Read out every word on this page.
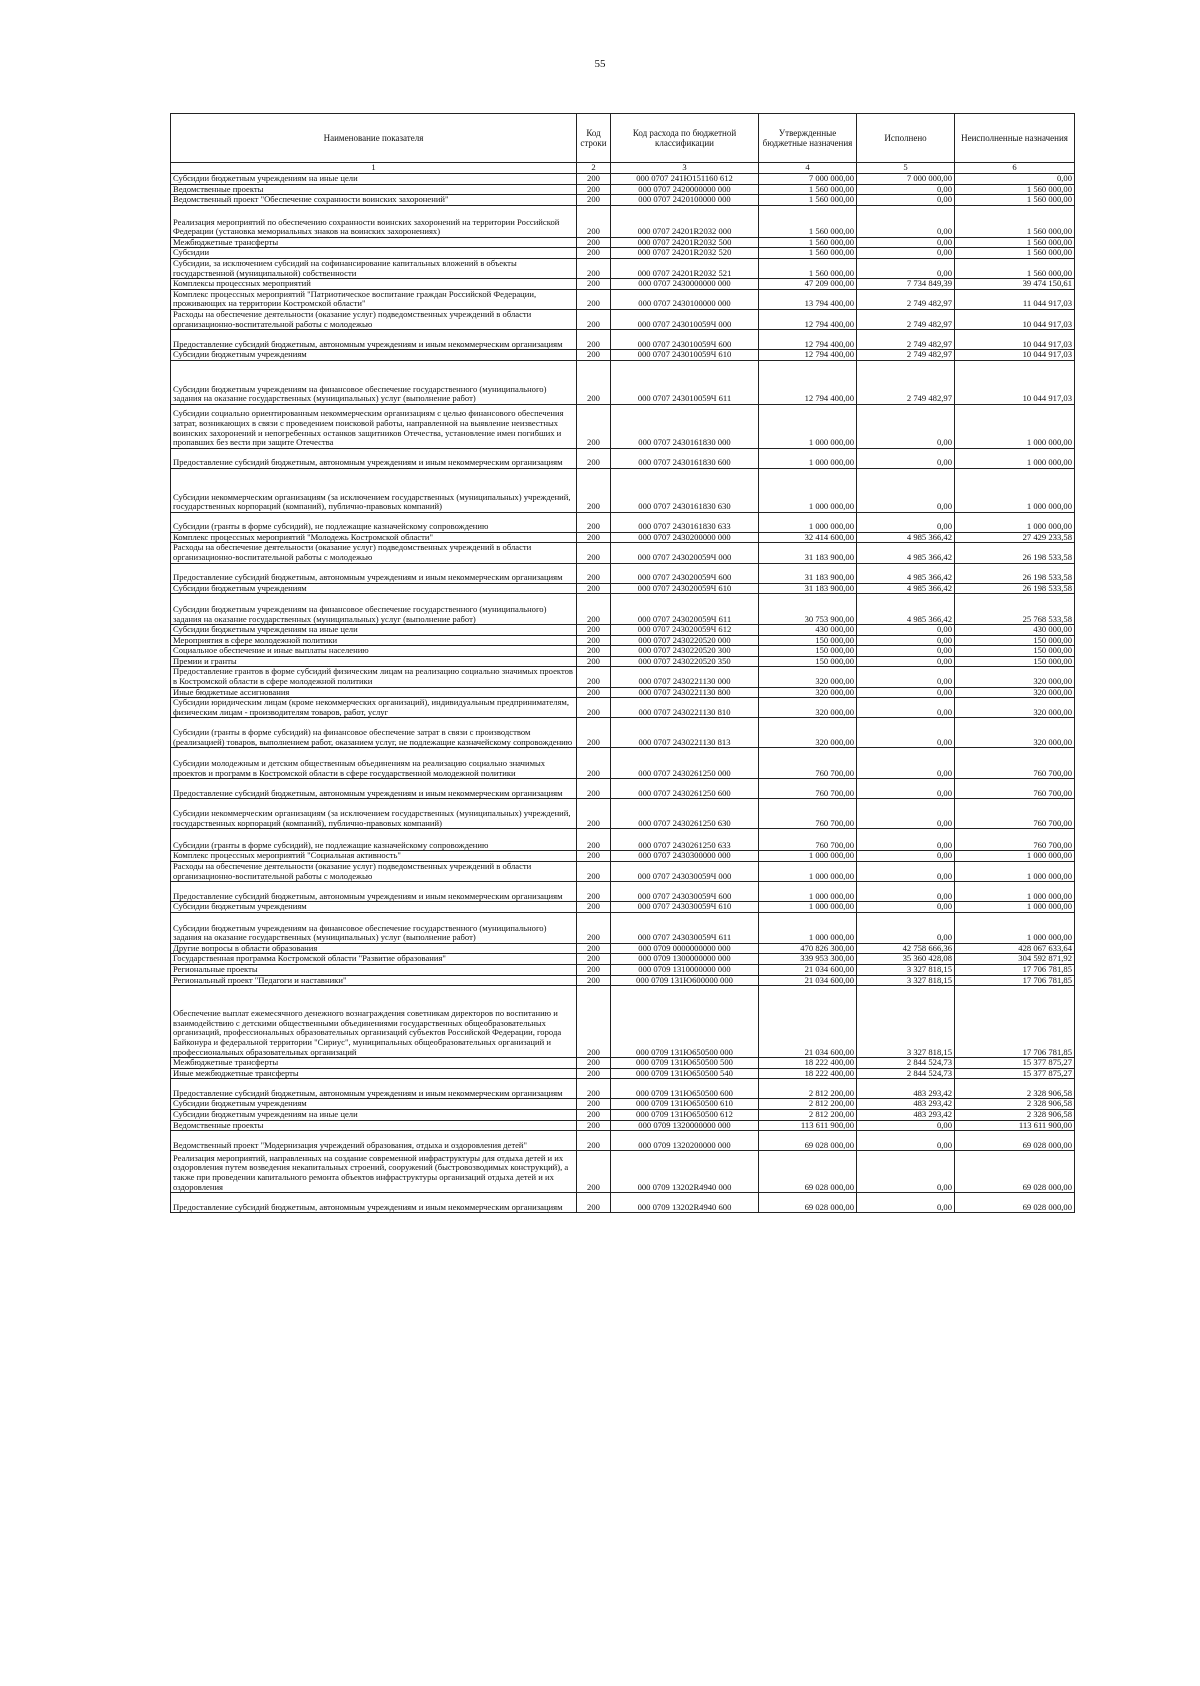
55
Наименование показателя	Код строки	Код расхода по бюджетной классификации	Утвержденные бюджетные назначения	Исполнено	Неисполненные назначения
1	2	3	4	5	6
Субсидии бюджетным учреждениям на иные цели	200	000 0707 241Ю151160 612	7 000 000,00	7 000 000,00	0,00
Ведомственные проекты	200	000 0707 2420000000 000	1 560 000,00	0,00	1 560 000,00
Ведомственный проект "Обеспечение сохранности воинских захоронений"	200	000 0707 2420100000 000	1 560 000,00	0,00	1 560 000,00
Реализация мероприятий по обеспечению сохранности воинских захоронений на территории Российской Федерации (установка мемориальных знаков на воинских захоронениях)	200	000 0707 24201R2032 000	1 560 000,00	0,00	1 560 000,00
Межбюджетные трансферты	200	000 0707 24201R2032 500	1 560 000,00	0,00	1 560 000,00
Субсидии	200	000 0707 24201R2032 520	1 560 000,00	0,00	1 560 000,00
Субсидии, за исключением субсидий на софинансирование капитальных вложений в объекты государственной (муниципальной) собственности	200	000 0707 24201R2032 521	1 560 000,00	0,00	1 560 000,00
Комплексы процессных мероприятий	200	000 0707 2430000000 000	47 209 000,00	7 734 849,39	39 474 150,61
Комплекс процессных мероприятий "Патриотическое воспитание граждан Российской Федерации, проживающих на территории Костромской области"	200	000 0707 2430100000 000	13 794 400,00	2 749 482,97	11 044 917,03
Расходы на обеспечение деятельности (оказание услуг) подведомственных учреждений в области организационно-воспитательной работы с молодежью	200	000 0707 243010059Ч 000	12 794 400,00	2 749 482,97	10 044 917,03
Предоставление субсидий бюджетным, автономным учреждениям и иным некоммерческим организациям	200	000 0707 243010059Ч 600	12 794 400,00	2 749 482,97	10 044 917,03
Субсидии бюджетным учреждениям	200	000 0707 243010059Ч 610	12 794 400,00	2 749 482,97	10 044 917,03
Субсидии бюджетным учреждениям на финансовое обеспечение государственного (муниципального) задания на оказание государственных (муниципальных) услуг (выполнение работ)	200	000 0707 243010059Ч 611	12 794 400,00	2 749 482,97	10 044 917,03
Субсидии социально ориентированным некоммерческим организациям с целью финансового обеспечения затрат, возникающих в связи с проведением поисковой работы, направленной на выявление неизвестных воинских захоронений и непогребенных останков защитников Отечества, установление имен погибших и пропавших без вести при защите Отечества	200	000 0707 2430161830 000	1 000 000,00	0,00	1 000 000,00
Предоставление субсидий бюджетным, автономным учреждениям и иным некоммерческим организациям	200	000 0707 2430161830 600	1 000 000,00	0,00	1 000 000,00
Субсидии некоммерческим организациям (за исключением государственных (муниципальных) учреждений, государственных корпораций (компаний), публично-правовых компаний)	200	000 0707 2430161830 630	1 000 000,00	0,00	1 000 000,00
Субсидии (гранты в форме субсидий), не подлежащие казначейскому сопровождению	200	000 0707 2430161830 633	1 000 000,00	0,00	1 000 000,00
Комплекс процессных мероприятий "Молодежь Костромской области"	200	000 0707 2430200000 000	32 414 600,00	4 985 366,42	27 429 233,58
Расходы на обеспечение деятельности (оказание услуг) подведомственных учреждений в области организационно-воспитательной работы с молодежью	200	000 0707 243020059Ч 000	31 183 900,00	4 985 366,42	26 198 533,58
Предоставление субсидий бюджетным, автономным учреждениям и иным некоммерческим организациям	200	000 0707 243020059Ч 600	31 183 900,00	4 985 366,42	26 198 533,58
Субсидии бюджетным учреждениям	200	000 0707 243020059Ч 610	31 183 900,00	4 985 366,42	26 198 533,58
Субсидии бюджетным учреждениям на финансовое обеспечение государственного (муниципального) задания на оказание государственных (муниципальных) услуг (выполнение работ)	200	000 0707 243020059Ч 611	30 753 900,00	4 985 366,42	25 768 533,58
Субсидии бюджетным учреждениям на иные цели	200	000 0707 243020059Ч 612	430 000,00	0,00	430 000,00
Мероприятия в сфере молодежной политики	200	000 0707 2430220520 000	150 000,00	0,00	150 000,00
Социальное обеспечение и иные выплаты населению	200	000 0707 2430220520 300	150 000,00	0,00	150 000,00
Премии и гранты	200	000 0707 2430220520 350	150 000,00	0,00	150 000,00
Предоставление грантов в форме субсидий физическим лицам на реализацию социально значимых проектов в Костромской области в сфере молодежной политики	200	000 0707 2430221130 000	320 000,00	0,00	320 000,00
Иные бюджетные ассигнования	200	000 0707 2430221130 800	320 000,00	0,00	320 000,00
Субсидии юридическим лицам (кроме некоммерческих организаций), индивидуальным предпринимателям, физическим лицам - производителям товаров, работ, услуг	200	000 0707 2430221130 810	320 000,00	0,00	320 000,00
Субсидии (гранты в форме субсидий) на финансовое обеспечение затрат в связи с производством (реализацией) товаров, выполнением работ, оказанием услуг, не подлежащие казначейскому сопровождению	200	000 0707 2430221130 813	320 000,00	0,00	320 000,00
Субсидии молодежным и детским общественным объединениям на реализацию социально значимых проектов и программ в Костромской области в сфере государственной молодежной политики	200	000 0707 2430261250 000	760 700,00	0,00	760 700,00
Предоставление субсидий бюджетным, автономным учреждениям и иным некоммерческим организациям	200	000 0707 2430261250 600	760 700,00	0,00	760 700,00
Субсидии некоммерческим организациям (за исключением государственных (муниципальных) учреждений, государственных корпораций (компаний), публично-правовых компаний)	200	000 0707 2430261250 630	760 700,00	0,00	760 700,00
Субсидии (гранты в форме субсидий), не подлежащие казначейскому сопровождению	200	000 0707 2430261250 633	760 700,00	0,00	760 700,00
Комплекс процессных мероприятий "Социальная активность"	200	000 0707 2430300000 000	1 000 000,00	0,00	1 000 000,00
Расходы на обеспечение деятельности (оказание услуг) подведомственных учреждений в области организационно-воспитательной работы с молодежью	200	000 0707 243030059Ч 000	1 000 000,00	0,00	1 000 000,00
Предоставление субсидий бюджетным, автономным учреждениям и иным некоммерческим организациям	200	000 0707 243030059Ч 600	1 000 000,00	0,00	1 000 000,00
Субсидии бюджетным учреждениям	200	000 0707 243030059Ч 610	1 000 000,00	0,00	1 000 000,00
Субсидии бюджетным учреждениям на финансовое обеспечение государственного (муниципального) задания на оказание государственных (муниципальных) услуг (выполнение работ)	200	000 0707 243030059Ч 611	1 000 000,00	0,00	1 000 000,00
Другие вопросы в области образования	200	000 0709 0000000000 000	470 826 300,00	42 758 666,36	428 067 633,64
Государственная программа Костромской области "Развитие образования"	200	000 0709 1300000000 000	339 953 300,00	35 360 428,08	304 592 871,92
Региональные проекты	200	000 0709 1310000000 000	21 034 600,00	3 327 818,15	17 706 781,85
Региональный проект "Педагоги и наставники"	200	000 0709 131Ю600000 000	21 034 600,00	3 327 818,15	17 706 781,85
Обеспечение выплат ежемесячного денежного вознаграждения советникам директоров по воспитанию и взаимодействию с детскими общественными объединениями государственных общеобразовательных организаций, профессиональных образовательных организаций субъектов Российской Федерации, города Байконура и федеральной территории "Сириус", муниципальных общеобразовательных организаций и профессиональных образовательных организаций	200	000 0709 131Ю650500 000	21 034 600,00	3 327 818,15	17 706 781,85
Межбюджетные трансферты	200	000 0709 131Ю650500 500	18 222 400,00	2 844 524,73	15 377 875,27
Иные межбюджетные трансферты	200	000 0709 131Ю650500 540	18 222 400,00	2 844 524,73	15 377 875,27
Предоставление субсидий бюджетным, автономным учреждениям и иным некоммерческим организациям	200	000 0709 131Ю650500 600	2 812 200,00	483 293,42	2 328 906,58
Субсидии бюджетным учреждениям	200	000 0709 131Ю650500 610	2 812 200,00	483 293,42	2 328 906,58
Субсидии бюджетным учреждениям на иные цели	200	000 0709 131Ю650500 612	2 812 200,00	483 293,42	2 328 906,58
Ведомственные проекты	200	000 0709 1320000000 000	113 611 900,00	0,00	113 611 900,00
Ведомственный проект "Модернизация учреждений образования, отдыха и оздоровления детей"	200	000 0709 1320200000 000	69 028 000,00	0,00	69 028 000,00
Реализация мероприятий, направленных на создание современной инфраструктуры для отдыха детей и их оздоровления путем возведения некапитальных строений, сооружений (быстровозводимых конструкций), а также при проведении капитального ремонта объектов инфраструктуры организаций отдыха детей и их оздоровления	200	000 0709 13202R4940 000	69 028 000,00	0,00	69 028 000,00
Предоставление субсидий бюджетным, автономным учреждениям и иным некоммерческим организациям	200	000 0709 13202R4940 600	69 028 000,00	0,00	69 028 000,00
